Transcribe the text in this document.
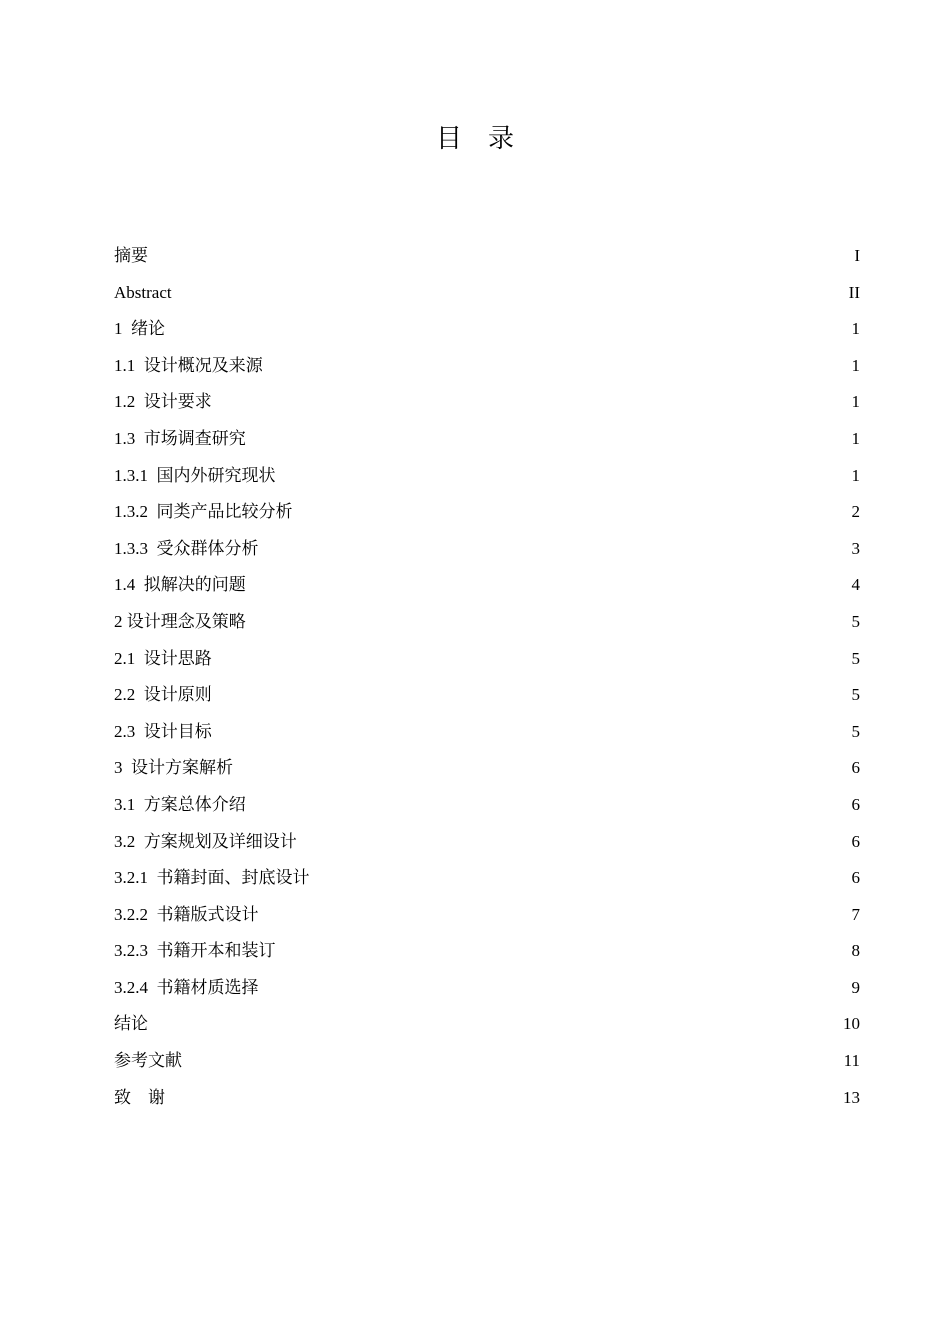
目录
摘要	I
Abstract	II
1  绪论	1
1.1  设计概况及来源	1
1.2  设计要求	1
1.3  市场调查研究	1
1.3.1  国内外研究现状	1
1.3.2  同类产品比较分析	2
1.3.3  受众群体分析	3
1.4  拟解决的问题	4
2 设计理念及策略	5
2.1  设计思路	5
2.2  设计原则	5
2.3  设计目标	5
3  设计方案解析	6
3.1  方案总体介绍	6
3.2  方案规划及详细设计	6
3.2.1  书籍封面、封底设计	6
3.2.2  书籍版式设计	7
3.2.3  书籍开本和装订	8
3.2.4  书籍材质选择	9
结论	10
参考文献	11
致    谢	13
